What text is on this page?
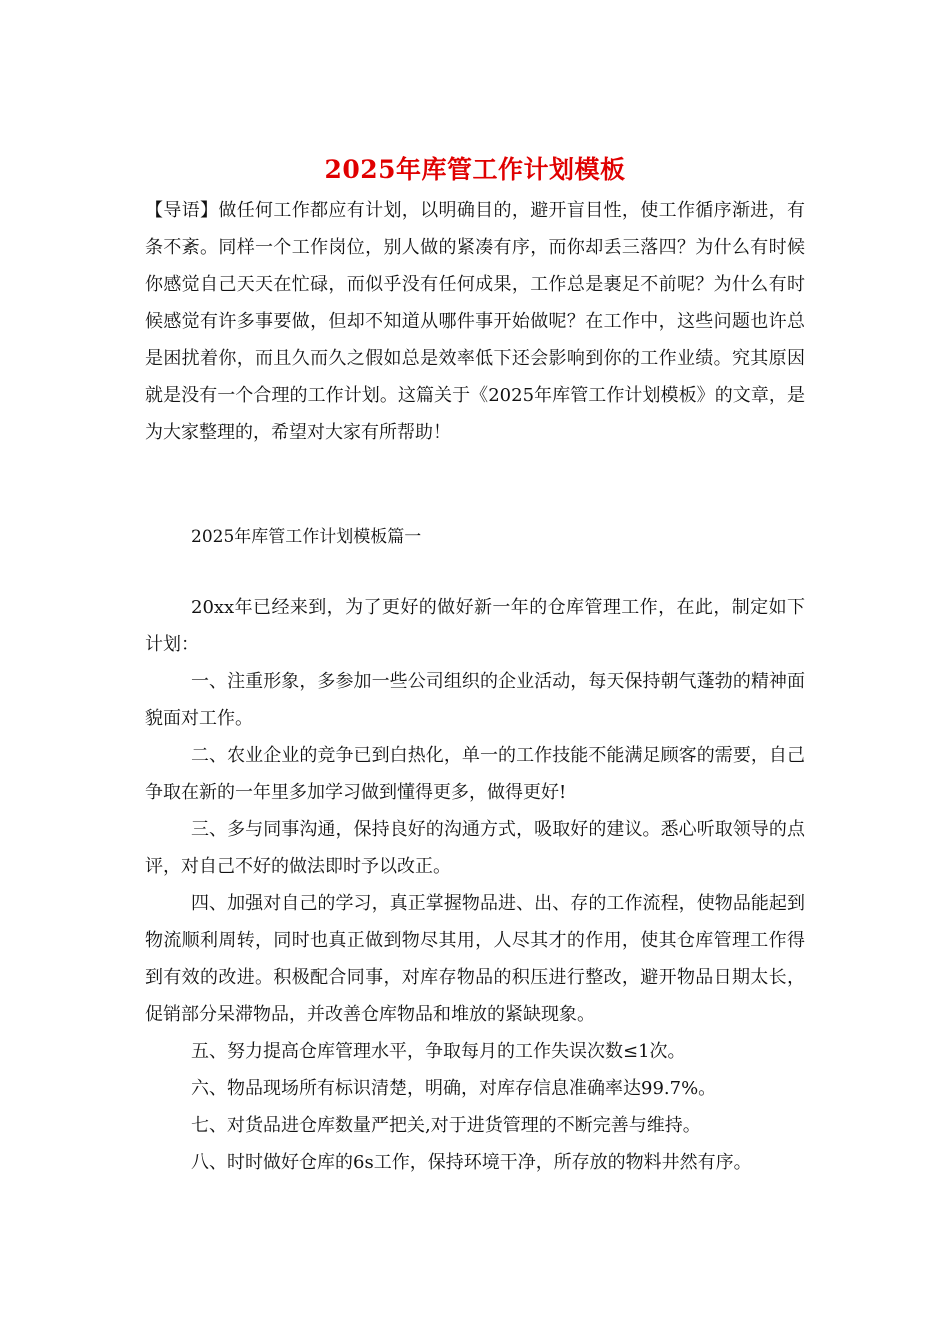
2025年库管工作计划模板

【导语】做任何工作都应有计划，以明确目的，避开盲目性，使工作循序渐进，有条不紊。同样一个工作岗位，别人做的紧凑有序，而你却丢三落四？为什么有时候你感觉自己天天在忙碌，而似乎没有任何成果，工作总是裹足不前呢？为什么有时候感觉有许多事要做，但却不知道从哪件事开始做呢？在工作中，这些问题也许总是困扰着你，而且久而久之假如总是效率低下还会影响到你的工作业绩。究其原因就是没有一个合理的工作计划。这篇关于《2025年库管工作计划模板》的文章，是为大家整理的，希望对大家有所帮助！

2025年库管工作计划模板篇一

20xx年已经来到，为了更好的做好新一年的仓库管理工作，在此，制定如下计划：

一、注重形象，多参加一些公司组织的企业活动，每天保持朝气蓬勃的精神面貌面对工作。

二、农业企业的竞争已到白热化，单一的工作技能不能满足顾客的需要，自己争取在新的一年里多加学习做到懂得更多，做得更好!

三、多与同事沟通，保持良好的沟通方式，吸取好的建议。悉心听取领导的点评，对自己不好的做法即时予以改正。

四、加强对自己的学习，真正掌握物品进、出、存的工作流程，使物品能起到物流顺利周转，同时也真正做到物尽其用，人尽其才的作用，使其仓库管理工作得到有效的改进。积极配合同事，对库存物品的积压进行整改，避开物品日期太长，促销部分呆滞物品，并改善仓库物品和堆放的紧缺现象。

五、努力提高仓库管理水平，争取每月的工作失误次数≤1次。

六、物品现场所有标识清楚，明确，对库存信息准确率达99.7%。

七、对货品进仓库数量严把关,对于进货管理的不断完善与维持。

八、时时做好仓库的6s工作，保持环境干净，所存放的物料井然有序。
